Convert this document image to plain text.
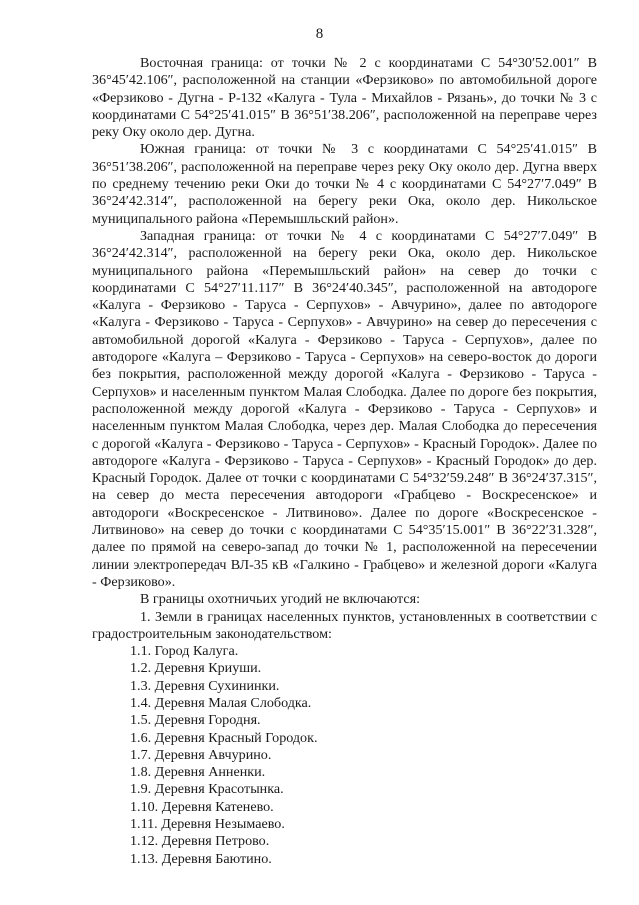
8

Восточная граница: от точки № 2 с координатами С 54°30′52.001″ В 36°45′42.106″, расположенной на станции «Ферзиково» по автомобильной дороге «Ферзиково - Дугна - Р-132 «Калуга - Тула - Михайлов - Рязань», до точки № 3 с координатами С 54°25′41.015″ В 36°51′38.206″, расположенной на переправе через реку Оку около дер. Дугна.

Южная граница: от точки № 3 с координатами С 54°25′41.015″ В 36°51′38.206″, расположенной на переправе через реку Оку около дер. Дугна вверх по среднему течению реки Оки до точки № 4 с координатами С 54°27′7.049″ В 36°24′42.314″, расположенной на берегу реки Ока, около дер. Никольское муниципального района «Перемышльский район».

Западная граница: от точки № 4 с координатами С 54°27′7.049″ В 36°24′42.314″, расположенной на берегу реки Ока, около дер. Никольское муниципального района «Перемышльский район» на север до точки с координатами С 54°27′11.117″ В 36°24′40.345″, расположенной на автодороге «Калуга - Ферзиково - Таруса - Серпухов» - Авчурино», далее по автодороге «Калуга - Ферзиково - Таруса - Серпухов» - Авчурино» на север до пересечения с автомобильной дорогой «Калуга - Ферзиково - Таруса - Серпухов», далее по автодороге «Калуга – Ферзиково - Таруса - Серпухов» на северо-восток до дороги без покрытия, расположенной между дорогой «Калуга - Ферзиково - Таруса - Серпухов» и населенным пунктом Малая Слободка. Далее по дороге без покрытия, расположенной между дорогой «Калуга - Ферзиково - Таруса - Серпухов» и населенным пунктом Малая Слободка, через дер. Малая Слободка до пересечения с дорогой «Калуга - Ферзиково - Таруса - Серпухов» - Красный Городок». Далее по автодороге «Калуга - Ферзиково - Таруса - Серпухов» - Красный Городок» до дер. Красный Городок. Далее от точки с координатами С 54°32′59.248″ В 36°24′37.315″, на север до места пересечения автодороги «Грабцево - Воскресенское» и автодороги «Воскресенское - Литвиново». Далее по дороге «Воскресенское - Литвиново» на север до точки с координатами С 54°35′15.001″ В 36°22′31.328″, далее по прямой на северо-запад до точки № 1, расположенной на пересечении линии электропередач ВЛ-35 кВ «Галкино - Грабцево» и железной дороги «Калуга - Ферзиково».

В границы охотничьих угодий не включаются:

1. Земли в границах населенных пунктов, установленных в соответствии с градостроительным законодательством:

1.1. Город Калуга.
1.2. Деревня Криуши.
1.3. Деревня Сухининки.
1.4. Деревня Малая Слободка.
1.5. Деревня Городня.
1.6. Деревня Красный Городок.
1.7. Деревня Авчурино.
1.8. Деревня Анненки.
1.9. Деревня Красотынка.
1.10. Деревня Катенево.
1.11. Деревня Незымаево.
1.12. Деревня Петрово.
1.13. Деревня Баютино.
